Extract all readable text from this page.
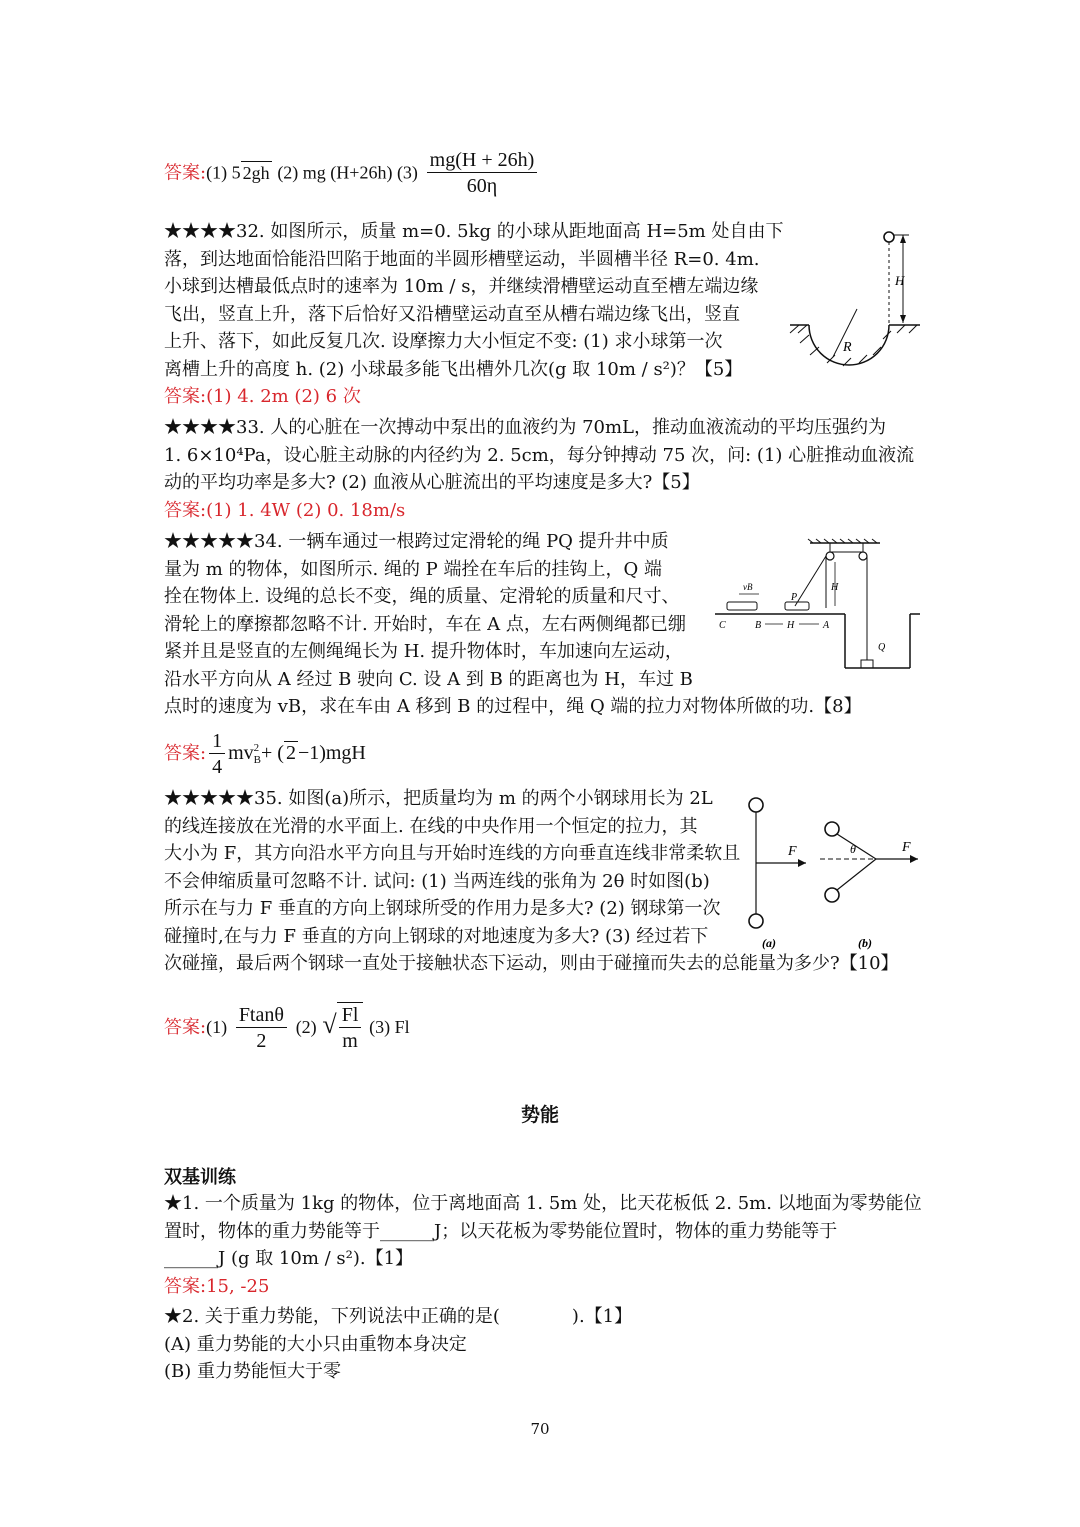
答案:(1) 5 2gh (2) mg (H+26h) $(3) \frac{mg(H + 26h)}{60\eta}$
★★★★32. 如图所示，质量 m=0. 5kg 的小球从距地面高 H=5m 处自由下
落，到达地面恰能沿凹陷于地面的半圆形槽壁运动，半圆槽半径 R=0. 4m.
小球到达槽最低点时的速率为 10m / s，并继续滑槽壁运动直至槽左端边缘
飞出，竖直上升，落下后恰好又沿槽壁运动直至从槽右端边缘飞出，竖直
上升、落下，如此反复几次. 设摩擦力大小恒定不变: (1) 求小球第一次
离槽上升的高度 h. (2) 小球最多能飞出槽外几次(g 取 10m / s²)？【5】
答案:(1) 4. 2m (2) 6 次
H
R
★★★★33. 人的心脏在一次搏动中泵出的血液约为 70mL，推动血液流动的平均压强约为
1. 6×10⁴Pa，设心脏主动脉的内径约为 2. 5cm，每分钟搏动 75 次，问: (1) 心脏推动血液流
动的平均功率是多大? (2) 血液从心脏流出的平均速度是多大?【5】
答案:(1) 1. 4W (2) 0. 18m/s
★★★★★34. 一辆车通过一根跨过定滑轮的绳 PQ 提升井中质
量为 m 的物体，如图所示. 绳的 P 端拴在车后的挂钩上，Q 端
拴在物体上. 设绳的总长不变，绳的质量、定滑轮的质量和尺寸、
滑轮上的摩擦都忽略不计. 开始时，车在 A 点，左右两侧绳都已绷
紧并且是竖直的左侧绳绳长为 H. 提升物体时，车加速向左运动，
沿水平方向从 A 经过 B 驶向 C. 设 A 到 B 的距离也为 H，车过 B
点时的速度为 vB，求在车由 A 移到 B 的过程中，绳 Q 端的拉力对物体所做的功.【8】
H
P
vB
Q
C	B	H	A
答案: $\frac{1}{4}$ mv 2
B + ( 2 −1)mgH
★★★★★35. 如图(a)所示，把质量均为 m 的两个小钢球用长为 2L
的线连接放在光滑的水平面上. 在线的中央作用一个恒定的拉力，其
大小为 F，其方向沿水平方向且与开始时连线的方向垂直连线非常柔软且
不会伸缩质量可忽略不计. 试问: (1) 当两连线的张角为 2θ 时如图(b)
所示在与力 F 垂直的方向上钢球所受的作用力是多大? (2) 钢球第一次
碰撞时,在与力 F 垂直的方向上钢球的对地速度为多大? (3) 经过若下
次碰撞，最后两个钢球一直处于接触状态下运动，则由于碰撞而失去的总能量为多少?【10】
F	F
θ
(a)	(b)
答案:(1) $\frac{Ftan\theta}{2} (2)$ √ $\frac{Fl}{m} (3)$ Fl
势能
双基训练
★1. 一个质量为 1kg 的物体，位于离地面高 1. 5m 处，比天花板低 2. 5m. 以地面为零势能位
置时，物体的重力势能等于______J；以天花板为零势能位置时，物体的重力势能等于
______J (g 取 10m / s²).【1】
答案:15, -25
★2. 关于重力势能，下列说法中正确的是(　　　　).【1】
(A) 重力势能的大小只由重物本身决定
(B) 重力势能恒大于零
70
